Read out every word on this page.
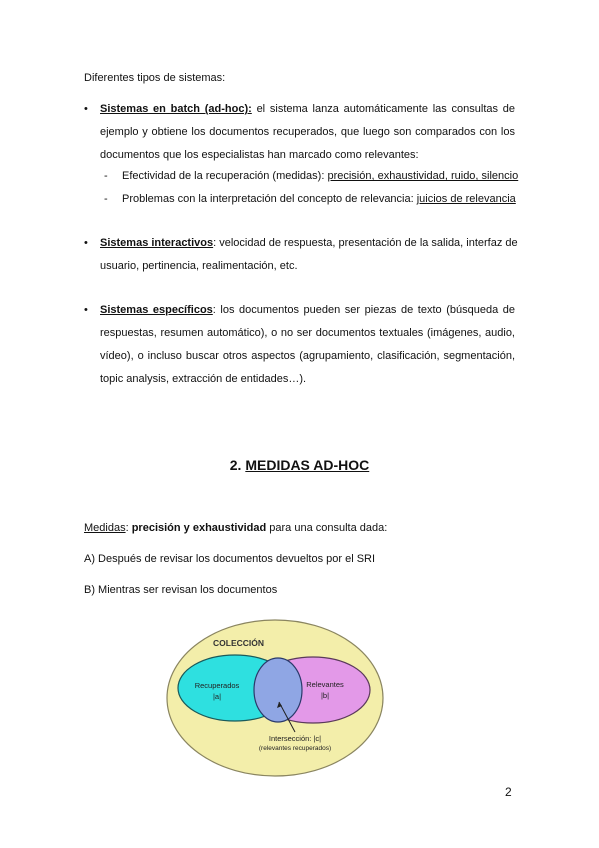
Diferentes tipos de sistemas:
• Sistemas en batch (ad-hoc): el sistema lanza automáticamente las consultas de
ejemplo y obtiene los documentos recuperados, que luego son comparados con los
documentos que los especialistas han marcado como relevantes:
- Efectividad de la recuperación (medidas): precisión, exhaustividad, ruido, silencio
- Problemas con la interpretación del concepto de relevancia: juicios de relevancia
• Sistemas interactivos: velocidad de respuesta, presentación de la salida, interfaz de
usuario, pertinencia, realimentación, etc.
• Sistemas específicos: los documentos pueden ser piezas de texto (búsqueda de
respuestas, resumen automático), o no ser documentos textuales (imágenes, audio,
vídeo), o incluso buscar otros aspectos (agrupamiento, clasificación, segmentación,
topic analysis, extracción de entidades…).
2. MEDIDAS AD-HOC
Medidas: precisión y exhaustividad para una consulta dada:
A) Después de revisar los documentos devueltos por el SRI
B) Mientras ser revisan los documentos
COLECCIÓN
Recuperados
|a|
Relevantes
|b|
Intersección: |c|
(relevantes recuperados)
2
